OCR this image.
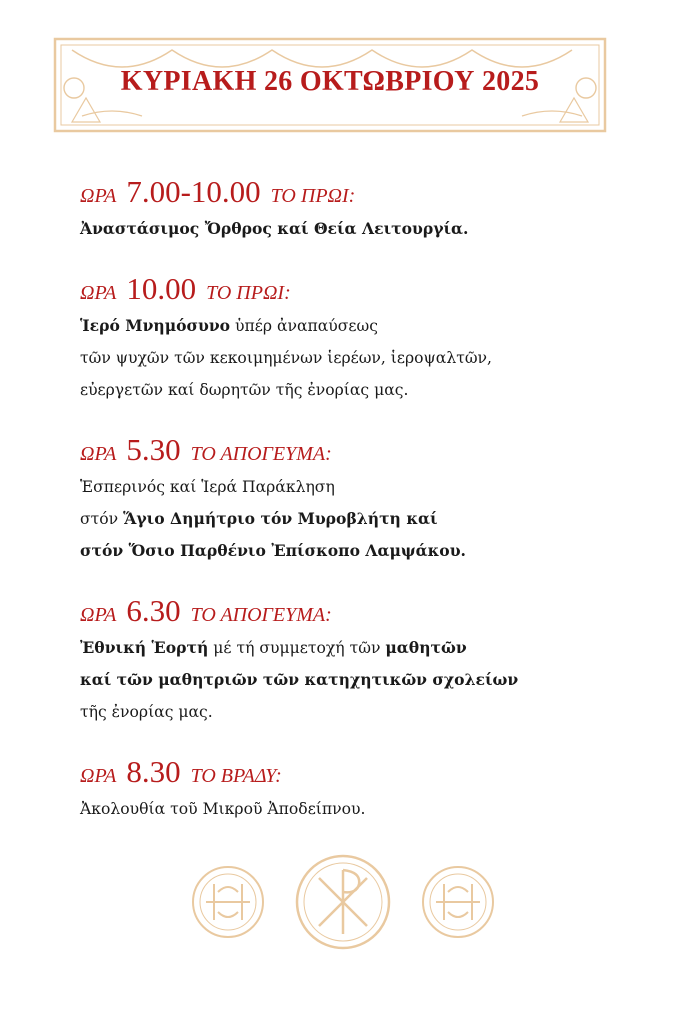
ΚΥΡΙΑΚΗ 26 ΟΚΤΩΒΡΙΟΥ 2025
ΩΡΑ 7.00-10.00 ΤΟ ΠΡΩΙ:
Ἀναστάσιμος Ὄρθρος καί Θεία Λειτουργία.
ΩΡΑ 10.00 ΤΟ ΠΡΩΙ:
Ἱερό Μνημόσυνο ὑπέρ ἀναπαύσεως
τῶν ψυχῶν τῶν κεκοιμημένων ἱερέων, ἱεροψαλτῶν,
εὐεργετῶν καί δωρητῶν τῆς ἐνορίας μας.
ΩΡΑ 5.30 ΤΟ ΑΠΟΓΕΥΜΑ:
Ἑσπερινός καί Ἱερά Παράκληση
στόν Ἅγιο Δημήτριο τόν Μυροβλήτη καί
στόν Ὅσιο Παρθένιο Ἐπίσκοπο Λαμψάκου.
ΩΡΑ 6.30 ΤΟ ΑΠΟΓΕΥΜΑ:
Ἐθνική Ἑορτή μέ τή συμμετοχή τῶν μαθητῶν
καί τῶν μαθητριῶν τῶν κατηχητικῶν σχολείων
τῆς ἐνορίας μας.
ΩΡΑ 8.30 ΤΟ ΒΡΑΔΥ:
Ἀκολουθία τοῦ Μικροῦ Ἀποδείπνου.
